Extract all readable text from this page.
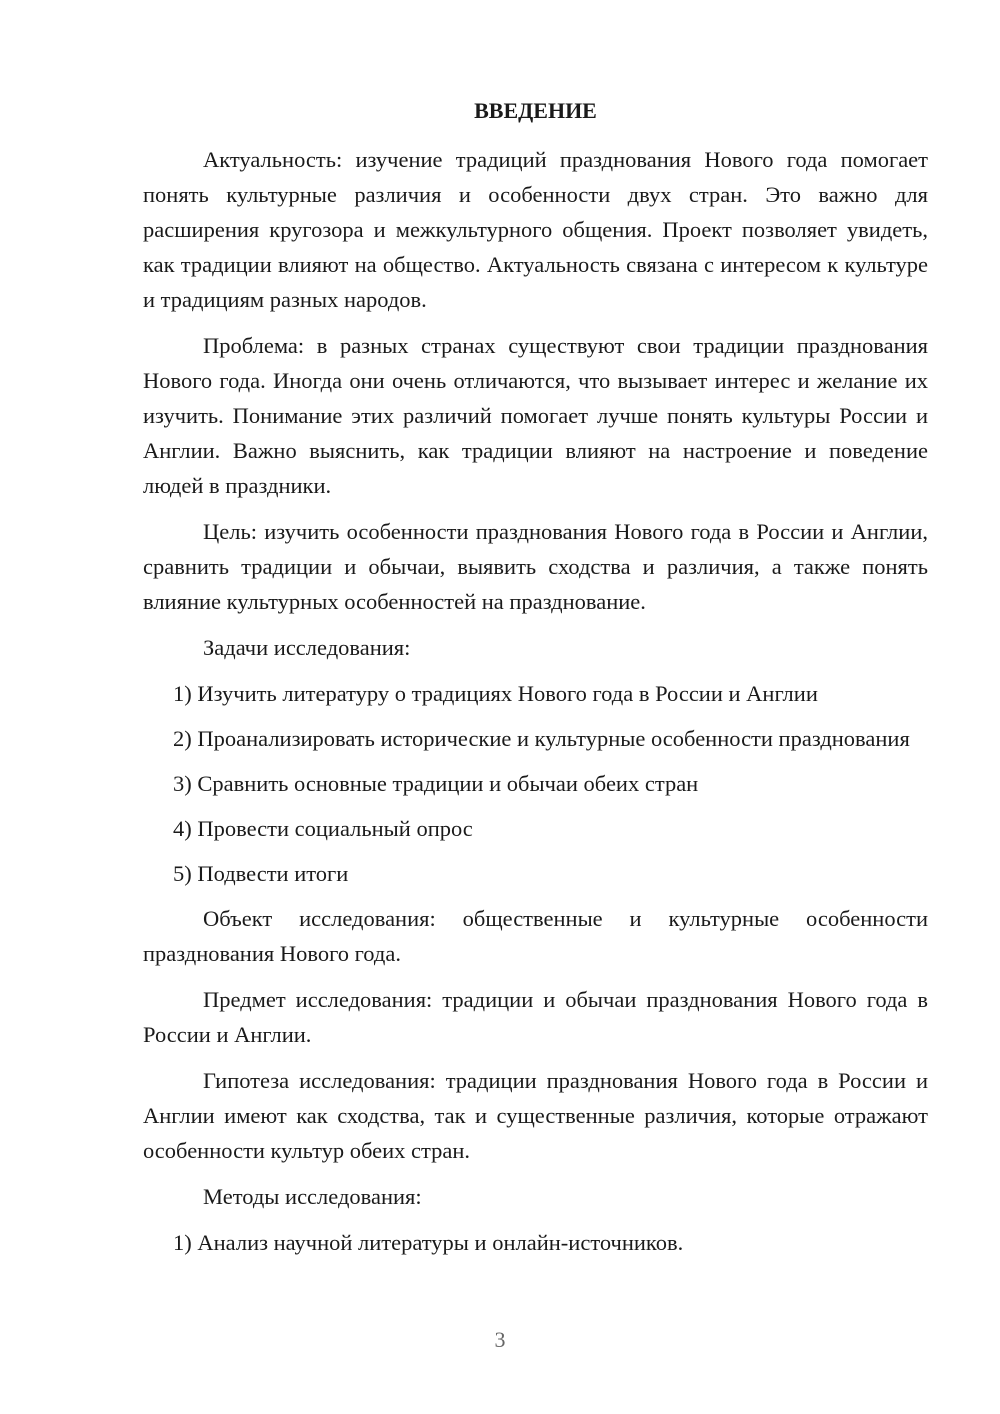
ВВЕДЕНИЕ

Актуальность: изучение традиций празднования Нового года помогает понять культурные различия и особенности двух стран. Это важно для расширения кругозора и межкультурного общения. Проект позволяет увидеть, как традиции влияют на общество. Актуальность связана с интересом к культуре и традициям разных народов.

Проблема: в разных странах существуют свои традиции празднования Нового года. Иногда они очень отличаются, что вызывает интерес и желание их изучить. Понимание этих различий помогает лучше понять культуры России и Англии. Важно выяснить, как традиции влияют на настроение и поведение людей в праздники.

Цель: изучить особенности празднования Нового года в России и Англии, сравнить традиции и обычаи, выявить сходства и различия, а также понять влияние культурных особенностей на празднование.

Задачи исследования:

1) Изучить литературу о традициях Нового года в России и Англии

2) Проанализировать исторические и культурные особенности празднования

3) Сравнить основные традиции и обычаи обеих стран

4) Провести социальный опрос

5) Подвести итоги

Объект исследования: общественные и культурные особенности празднования Нового года.

Предмет исследования: традиции и обычаи празднования Нового года в России и Англии.

Гипотеза исследования: традиции празднования Нового года в России и Англии имеют как сходства, так и существенные различия, которые отражают особенности культур обеих стран.

Методы исследования:

1) Анализ научной литературы и онлайн-источников.

3
